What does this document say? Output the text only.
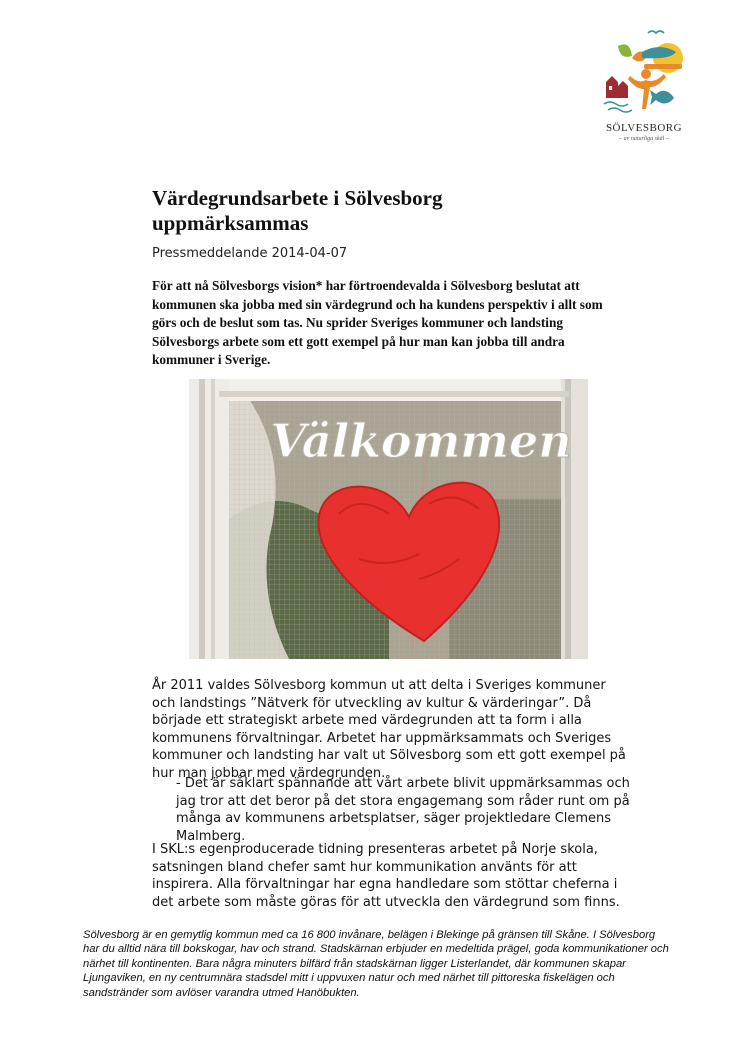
SÖLVESBORG
– av naturliga skäl –
Värdegrundsarbete i Sölvesborg
uppmärksammas
Pressmeddelande 2014-04-07

För att nå Sölvesborgs vision* har förtroendevalda i Sölvesborg beslutat att kommunen ska jobba med sin värdegrund och ha kundens perspektiv i allt som görs och de beslut som tas. Nu sprider Sveriges kommuner och landsting Sölvesborgs arbete som ett gott exempel på hur man kan jobba till andra kommuner i Sverige.

Välkommen

År 2011 valdes Sölvesborg kommun ut att delta i Sveriges kommuner och landstings ”Nätverk för utveckling av kultur & värderingar”. Då började ett strategiskt arbete med värdegrunden att ta form i alla kommunens förvaltningar. Arbetet har uppmärksammats och Sveriges kommuner och landsting har valt ut Sölvesborg som ett gott exempel på hur man jobbar med värdegrunden.

- Det är såklart spännande att vårt arbete blivit uppmärksammas och jag tror att det beror på det stora engagemang som råder runt om på många av kommunens arbetsplatser, säger projektledare Clemens Malmberg.

I SKL:s egenproducerade tidning presenteras arbetet på Norje skola, satsningen bland chefer samt hur kommunikation använts för att inspirera. Alla förvaltningar har egna handledare som stöttar cheferna i det arbete som måste göras för att utveckla den värdegrund som finns.

Sölvesborg är en gemytlig kommun med ca 16 800 invånare, belägen i Blekinge på gränsen till Skåne. I Sölvesborg har du alltid nära till bokskogar, hav och strand. Stadskärnan erbjuder en medeltida prägel, goda kommunikationer och närhet till kontinenten. Bara några minuters bilfärd från stadskärnan ligger Listerlandet, där kommunen skapar Ljungaviken, en ny centrumnära stadsdel mitt i uppvuxen natur och med närhet till pittoreska fiskelägen och sandstränder som avlöser varandra utmed Hanöbukten.
